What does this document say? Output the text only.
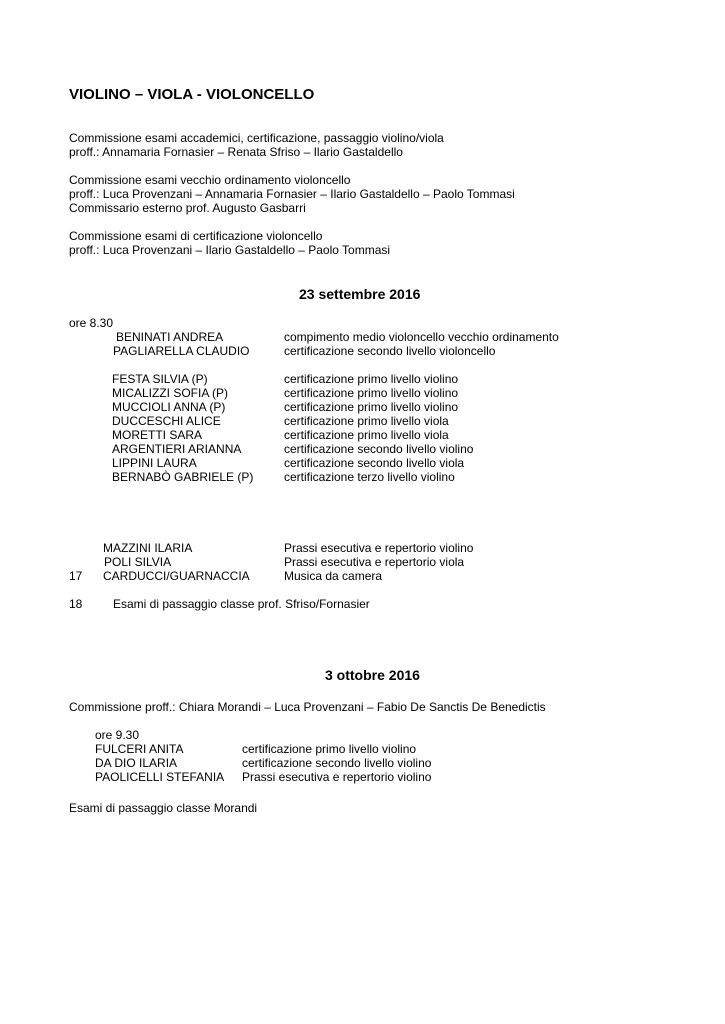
VIOLINO – VIOLA - VIOLONCELLO
Commissione esami accademici, certificazione, passaggio violino/viola
proff.: Annamaria Fornasier – Renata Sfriso – Ilario Gastaldello
Commissione esami vecchio ordinamento violoncello
proff.: Luca Provenzani – Annamaria Fornasier – Ilario Gastaldello – Paolo Tommasi
Commissario esterno prof. Augusto Gasbarri
Commissione esami di certificazione violoncello
proff.: Luca Provenzani – Ilario Gastaldello – Paolo Tommasi
23 settembre 2016
ore 8.30
BENINATI ANDREA
PAGLIARELLA CLAUDIO
compimento medio violoncello vecchio ordinamento
certificazione secondo livello violoncello
FESTA SILVIA (P)
MICALIZZI SOFIA (P)
MUCCIOLI ANNA (P)
DUCCESCHI ALICE
MORETTI SARA
ARGENTIERI ARIANNA
LIPPINI LAURA
BERNABÒ GABRIELE (P)
certificazione primo livello violino
certificazione primo livello violino
certificazione primo livello violino
certificazione primo livello viola
certificazione primo livello viola
certificazione secondo livello violino
certificazione secondo livello viola
certificazione terzo livello violino
17
MAZZINI ILARIA
POLI SILVIA
CARDUCCI/GUARNACCIA
Prassi esecutiva e repertorio violino
Prassi esecutiva e repertorio viola
Musica da camera
18	Esami di passaggio classe prof. Sfriso/Fornasier
3 ottobre 2016
Commissione proff.: Chiara Morandi – Luca Provenzani – Fabio De Sanctis De Benedictis
ore 9.30
FULCERI ANITA
DA DIO ILARIA
PAOLICELLI STEFANIA
certificazione primo livello violino
certificazione secondo livello violino
Prassi esecutiva e repertorio violino
Esami di passaggio classe Morandi
